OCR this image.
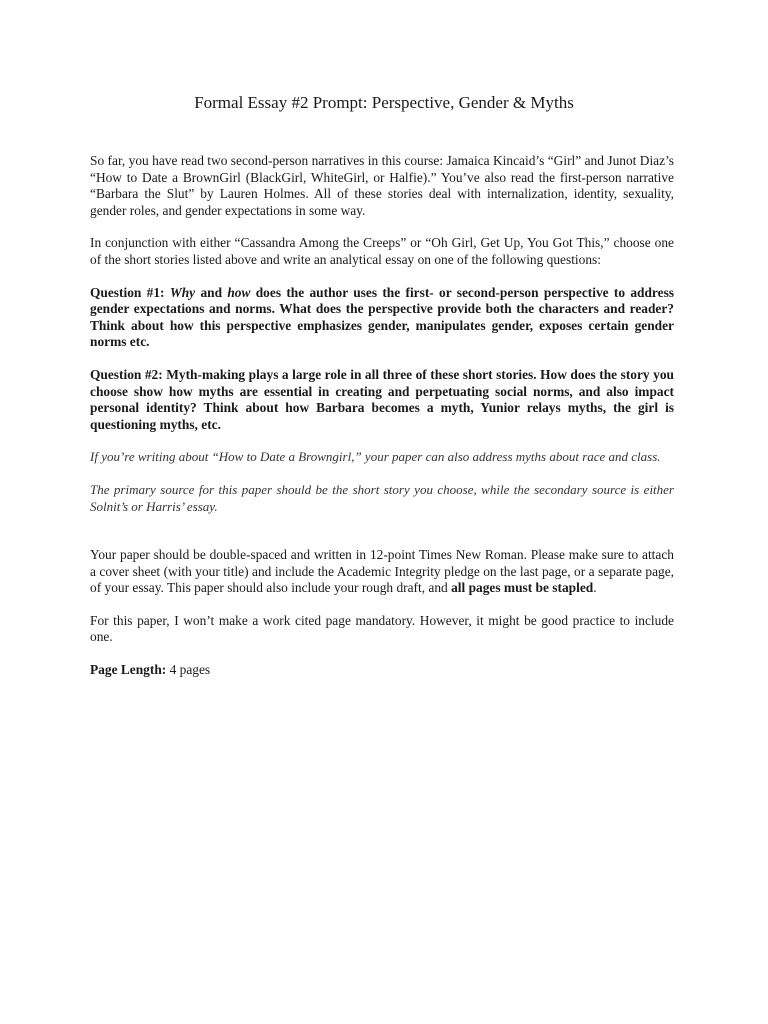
Formal Essay #2 Prompt: Perspective, Gender & Myths

So far, you have read two second-person narratives in this course: Jamaica Kincaid’s “Girl” and Junot Diaz’s “How to Date a BrownGirl (BlackGirl, WhiteGirl, or Halfie).” You’ve also read the first-person narrative “Barbara the Slut” by Lauren Holmes. All of these stories deal with internalization, identity, sexuality, gender roles, and gender expectations in some way.

In conjunction with either “Cassandra Among the Creeps” or “Oh Girl, Get Up, You Got This,” choose one of the short stories listed above and write an analytical essay on one of the following questions:

Question #1: Why and how does the author uses the first- or second-person perspective to address gender expectations and norms. What does the perspective provide both the characters and reader? Think about how this perspective emphasizes gender, manipulates gender, exposes certain gender norms etc.

Question #2: Myth-making plays a large role in all three of these short stories. How does the story you choose show how myths are essential in creating and perpetuating social norms, and also impact personal identity? Think about how Barbara becomes a myth, Yunior relays myths, the girl is questioning myths, etc.

If you’re writing about “How to Date a Browngirl,” your paper can also address myths about race and class.

The primary source for this paper should be the short story you choose, while the secondary source is either Solnit’s or Harris’ essay.

Your paper should be double-spaced and written in 12-point Times New Roman. Please make sure to attach a cover sheet (with your title) and include the Academic Integrity pledge on the last page, or a separate page, of your essay. This paper should also include your rough draft, and all pages must be stapled.

For this paper, I won’t make a work cited page mandatory. However, it might be good practice to include one.

Page Length: 4 pages
